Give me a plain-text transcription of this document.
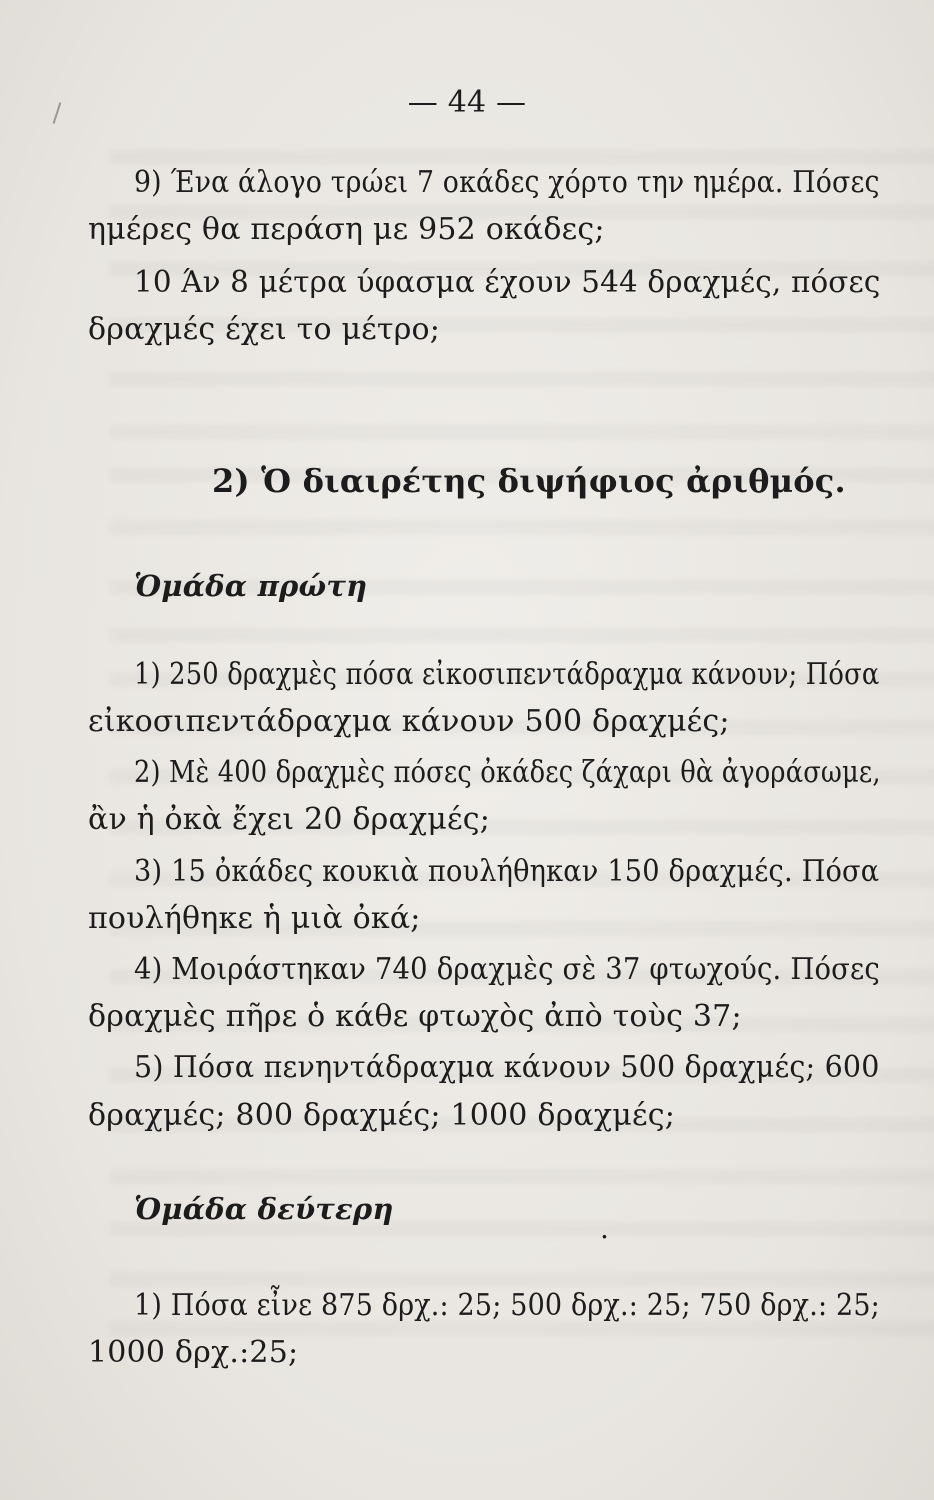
— 44 —
9) Ένα άλογο τρώει 7 οκάδες χόρτο την ημέρα. Πόσες
ημέρες θα περάση με 952 οκάδες;
10 Άν 8 μέτρα ύφασμα έχουν 544 δραχμές, πόσες
δραχμές έχει το μέτρο;
2) Ὁ διαιρέτης διψήφιος ἀριθμός.
Ὁμάδα πρώτη
1) 250 δραχμὲς πόσα εἰκοσιπεντάδραχμα κάνουν; Πόσα
εἰκοσιπεντάδραχμα κάνουν 500 δραχμές;
2) Μὲ 400 δραχμὲς πόσες ὀκάδες ζάχαρι θὰ ἀγοράσωμε,
ἂν ἡ ὀκὰ ἔχει 20 δραχμές;
3) 15 ὀκάδες κουκιὰ πουλήθηκαν 150 δραχμές. Πόσα
πουλήθηκε ἡ μιὰ ὀκά;
4) Μοιράστηκαν 740 δραχμὲς σὲ 37 φτωχούς. Πόσες
δραχμὲς πῆρε ὁ κάθε φτωχὸς ἀπὸ τοὺς 37;
5) Πόσα πενηντάδραχμα κάνουν 500 δραχμές; 600
δραχμές; 800 δραχμές; 1000 δραχμές;
Ὁμάδα δεύτερη
.
1) Πόσα εἶνε 875 δρχ.: 25; 500 δρχ.: 25; 750 δρχ.: 25;
1000 δρχ.:25;
